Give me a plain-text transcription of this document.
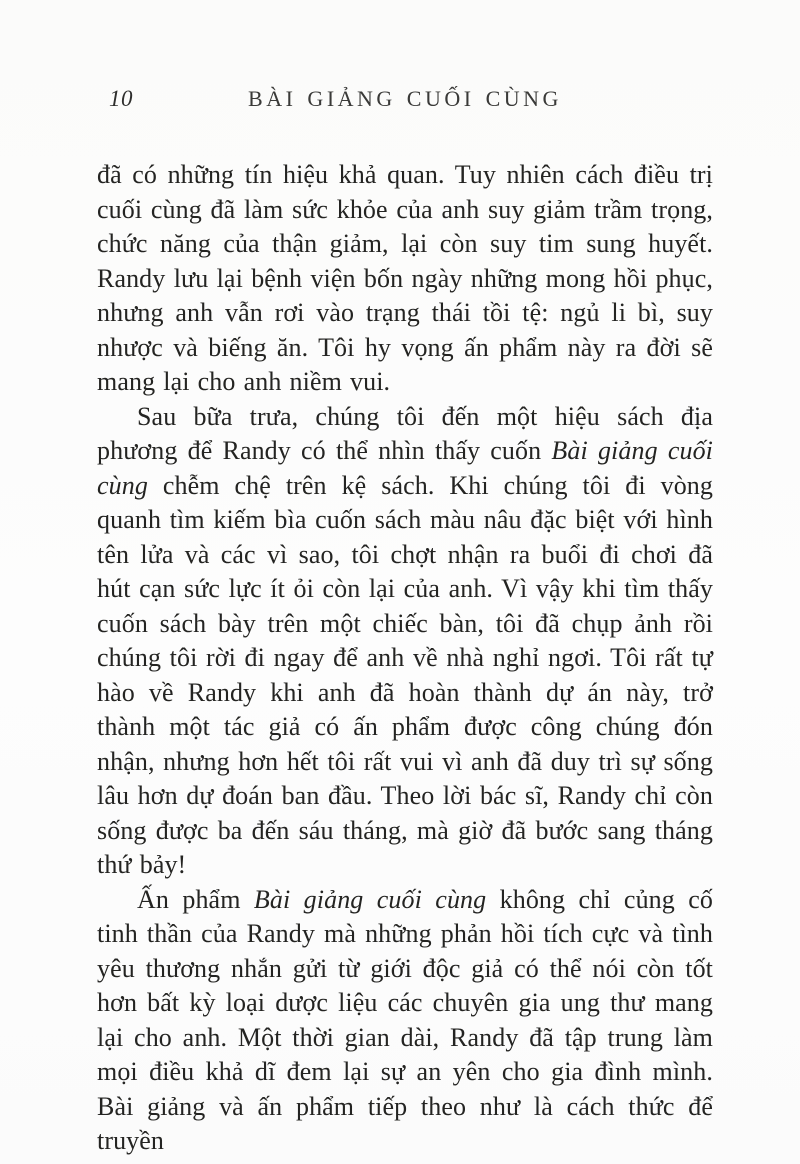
10	BÀI GIẢNG CUỐI CÙNG

đã có những tín hiệu khả quan. Tuy nhiên cách điều trị cuối cùng đã làm sức khỏe của anh suy giảm trầm trọng, chức năng của thận giảm, lại còn suy tim sung huyết. Randy lưu lại bệnh viện bốn ngày những mong hồi phục, nhưng anh vẫn rơi vào trạng thái tồi tệ: ngủ li bì, suy nhược và biếng ăn. Tôi hy vọng ấn phẩm này ra đời sẽ mang lại cho anh niềm vui.

Sau bữa trưa, chúng tôi đến một hiệu sách địa phương để Randy có thể nhìn thấy cuốn Bài giảng cuối cùng chễm chệ trên kệ sách. Khi chúng tôi đi vòng quanh tìm kiếm bìa cuốn sách màu nâu đặc biệt với hình tên lửa và các vì sao, tôi chợt nhận ra buổi đi chơi đã hút cạn sức lực ít ỏi còn lại của anh. Vì vậy khi tìm thấy cuốn sách bày trên một chiếc bàn, tôi đã chụp ảnh rồi chúng tôi rời đi ngay để anh về nhà nghỉ ngơi. Tôi rất tự hào về Randy khi anh đã hoàn thành dự án này, trở thành một tác giả có ấn phẩm được công chúng đón nhận, nhưng hơn hết tôi rất vui vì anh đã duy trì sự sống lâu hơn dự đoán ban đầu. Theo lời bác sĩ, Randy chỉ còn sống được ba đến sáu tháng, mà giờ đã bước sang tháng thứ bảy!

Ấn phẩm Bài giảng cuối cùng không chỉ củng cố tinh thần của Randy mà những phản hồi tích cực và tình yêu thương nhắn gửi từ giới độc giả có thể nói còn tốt hơn bất kỳ loại dược liệu các chuyên gia ung thư mang lại cho anh. Một thời gian dài, Randy đã tập trung làm mọi điều khả dĩ đem lại sự an yên cho gia đình mình. Bài giảng và ấn phẩm tiếp theo như là cách thức để truyền
